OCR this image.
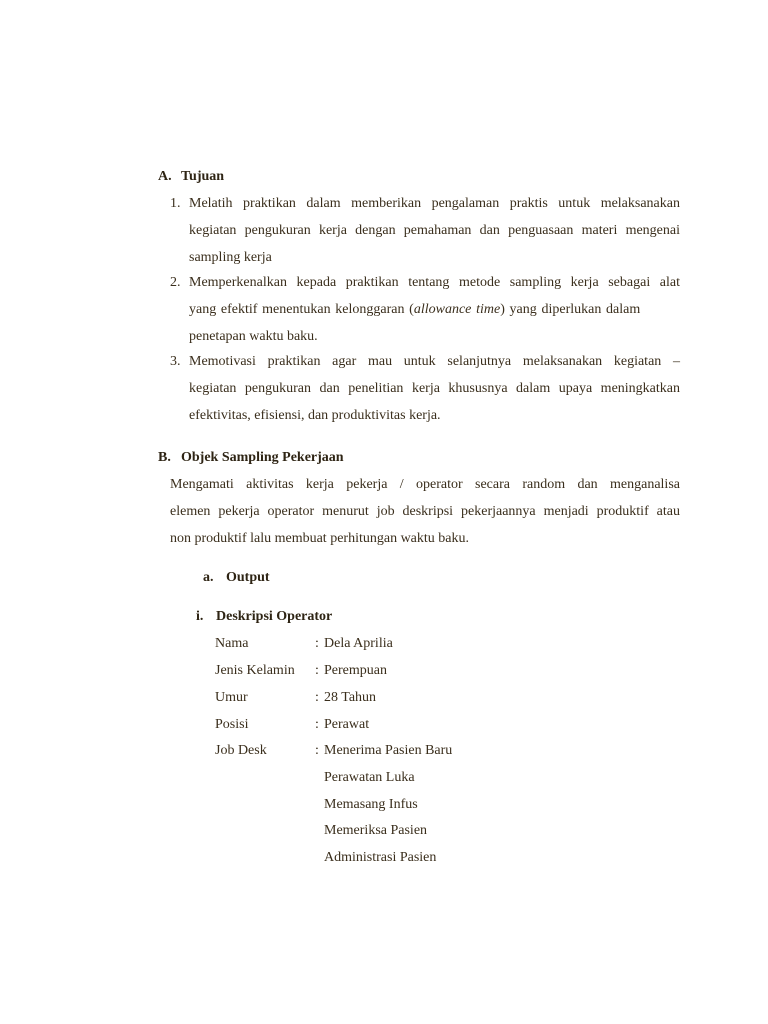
A. Tujuan
1. Melatih praktikan dalam memberikan pengalaman praktis untuk melaksanakan
kegiatan pengukuran kerja dengan pemahaman dan penguasaan materi mengenai
sampling kerja
2. Memperkenalkan kepada praktikan tentang metode sampling kerja sebagai alat
yang efektif menentukan kelonggaran (allowance time) yang diperlukan dalam
penetapan waktu baku.
3. Memotivasi praktikan agar mau untuk selanjutnya melaksanakan kegiatan –
kegiatan pengukuran dan penelitian kerja khususnya dalam upaya meningkatkan
efektivitas, efisiensi, dan produktivitas kerja.
B. Objek Sampling Pekerjaan
Mengamati aktivitas kerja pekerja / operator secara random dan menganalisa
elemen pekerja operator menurut job deskripsi pekerjaannya menjadi produktif atau
non produktif lalu membuat perhitungan waktu baku.
a. Output
i. Deskripsi Operator
Nama	: Dela Aprilia
Jenis Kelamin : Perempuan
Umur	: 28 Tahun
Posisi	: Perawat
Job Desk	: Menerima Pasien Baru
Perawatan Luka
Memasang Infus
Memeriksa Pasien
Administrasi Pasien
